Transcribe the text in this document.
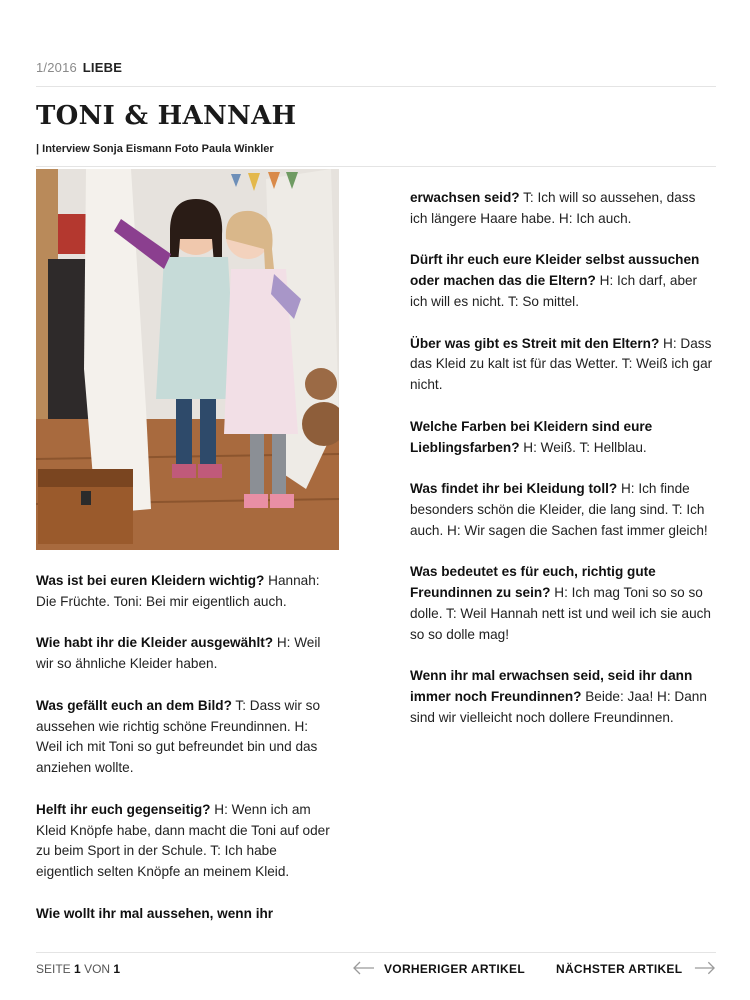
1/2016 LIEBE
TONI & HANNAH
| Interview Sonja Eismann Foto Paula Winkler

Was ist bei euren Kleidern wichtig? Hannah: Die Früchte. Toni: Bei mir eigentlich auch.

Wie habt ihr die Kleider ausgewählt? H: Weil wir so ähnliche Kleider haben.

Was gefällt euch an dem Bild? T: Dass wir so aussehen wie richtig schöne Freundinnen. H: Weil ich mit Toni so gut befreundet bin und das anziehen wollte.

Helft ihr euch gegenseitig? H: Wenn ich am Kleid Knöpfe habe, dann macht die Toni auf oder zu beim Sport in der Schule. T: Ich habe eigentlich selten Knöpfe an meinem Kleid.

Wie wollt ihr mal aussehen, wenn ihr

erwachsen seid? T: Ich will so aussehen, dass ich längere Haare habe. H: Ich auch.

Dürft ihr euch eure Kleider selbst aussuchen oder machen das die Eltern? H: Ich darf, aber ich will es nicht. T: So mittel.

Über was gibt es Streit mit den Eltern? H: Dass das Kleid zu kalt ist für das Wetter. T: Weiß ich gar nicht.

Welche Farben bei Kleidern sind eure Lieblingsfarben? H: Weiß. T: Hellblau.

Was findet ihr bei Kleidung toll? H: Ich finde besonders schön die Kleider, die lang sind. T: Ich auch. H: Wir sagen die Sachen fast immer gleich!

Was bedeutet es für euch, richtig gute Freundinnen zu sein? H: Ich mag Toni so so so dolle. T: Weil Hannah nett ist und weil ich sie auch so so dolle mag!

Wenn ihr mal erwachsen seid, seid ihr dann immer noch Freundinnen? Beide: Jaa! H: Dann sind wir vielleicht noch dollere Freundinnen.

SEITE 1 VON 1	VORHERIGER ARTIKEL	NÄCHSTER ARTIKEL
